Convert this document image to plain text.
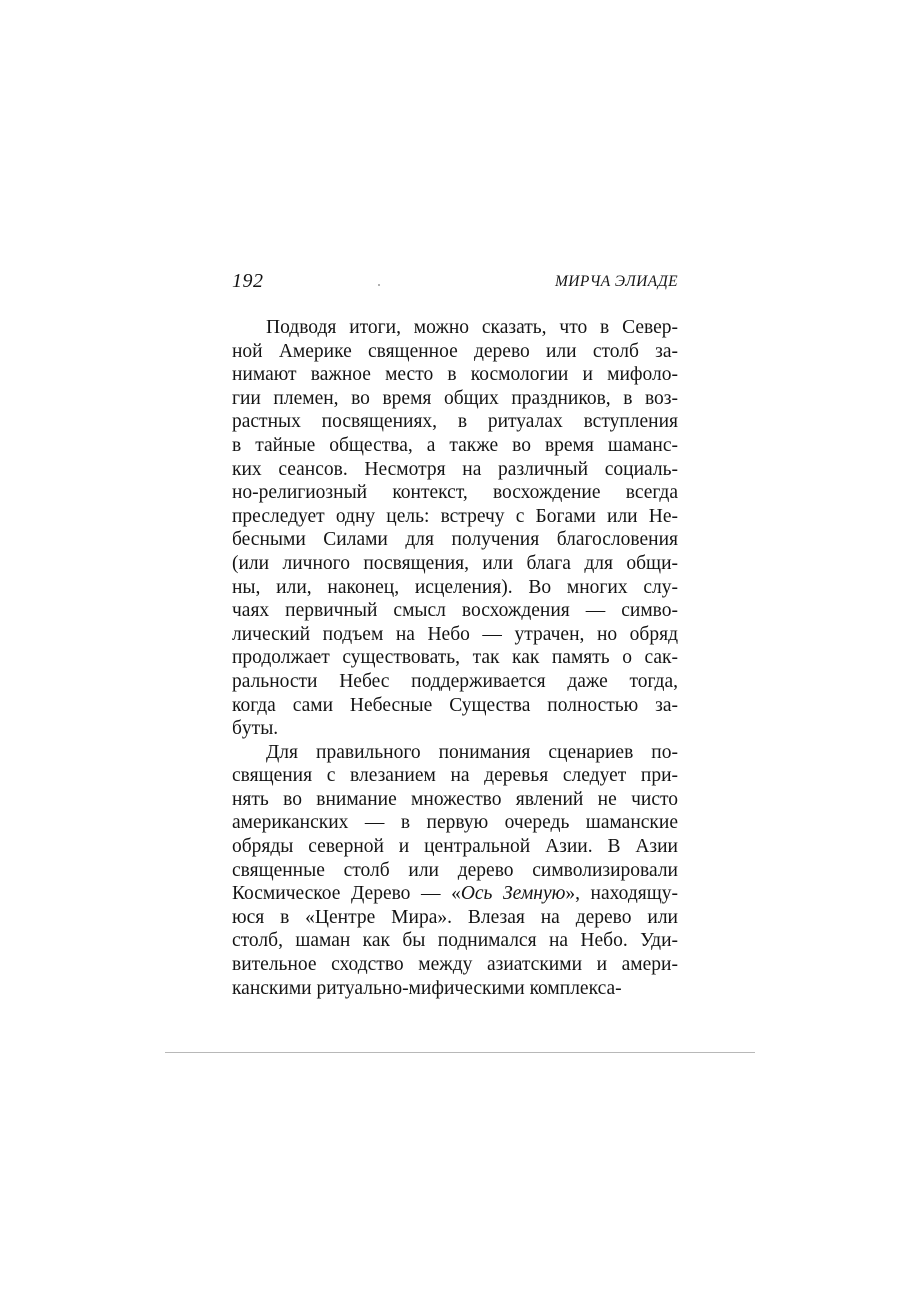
192	МИРЧА ЭЛИАДЕ

Подводя итоги, можно сказать, что в Север-
ной Америке священное дерево или столб за-
нимают важное место в космологии и мифоло-
гии племен, во время общих праздников, в воз-
растных посвящениях, в ритуалах вступления
в тайные общества, а также во время шаманс-
ких сеансов. Несмотря на различный социаль-
но-религиозный контекст, восхождение всегда
преследует одну цель: встречу с Богами или Не-
бесными Силами для получения благословения
(или личного посвящения, или блага для общи-
ны, или, наконец, исцеления). Во многих слу-
чаях первичный смысл восхождения — симво-
лический подъем на Небо — утрачен, но обряд
продолжает существовать, так как память о сак-
ральности Небес поддерживается даже тогда,
когда сами Небесные Существа полностью за-
бyты.

Для правильного понимания сценариев по-
священия с влезанием на деревья следует при-
нять во внимание множество явлений не чисто
американских — в первую очередь шаманские
обряды северной и центральной Азии. В Азии
священные столб или дерево символизировали
Космическое Дерево — «Ось Земную», находящу-
юся в «Центре Мира». Влезая на дерево или
столб, шаман как бы поднимался на Небо. Уди-
вительное сходство между азиатскими и амери-
канскими ритуально-мифическими комплекса-
